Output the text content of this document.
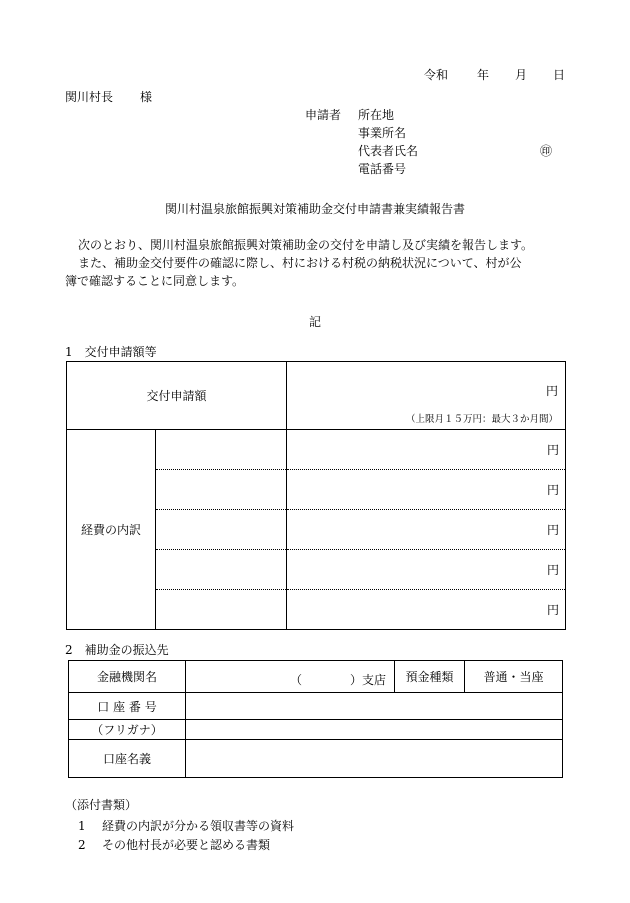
令和 年 月 日
関川村長 様
申請者 所在地
事業所名
代表者氏名	㊞
電話番号
関川村温泉旅館振興対策補助金交付申請書兼実績報告書
次のとおり、関川村温泉旅館振興対策補助金の交付を申請し及び実績を報告します。
また、補助金交付要件の確認に際し、村における村税の納税状況について、村が公
簿で確認することに同意します。
記
1　交付申請額等
交付申請額		円
（上限月１５万円：最大３か月間）

経費の内訳		円
		円
		円
		円
		円
2　補助金の振込先
金融機関名	（ ）支店	預金種類	普通・当座
口 座 番 号			
（フリガナ）			
口座名義			
（添付書類）
1 経費の内訳が分かる領収書等の資料
2 その他村長が必要と認める書類
